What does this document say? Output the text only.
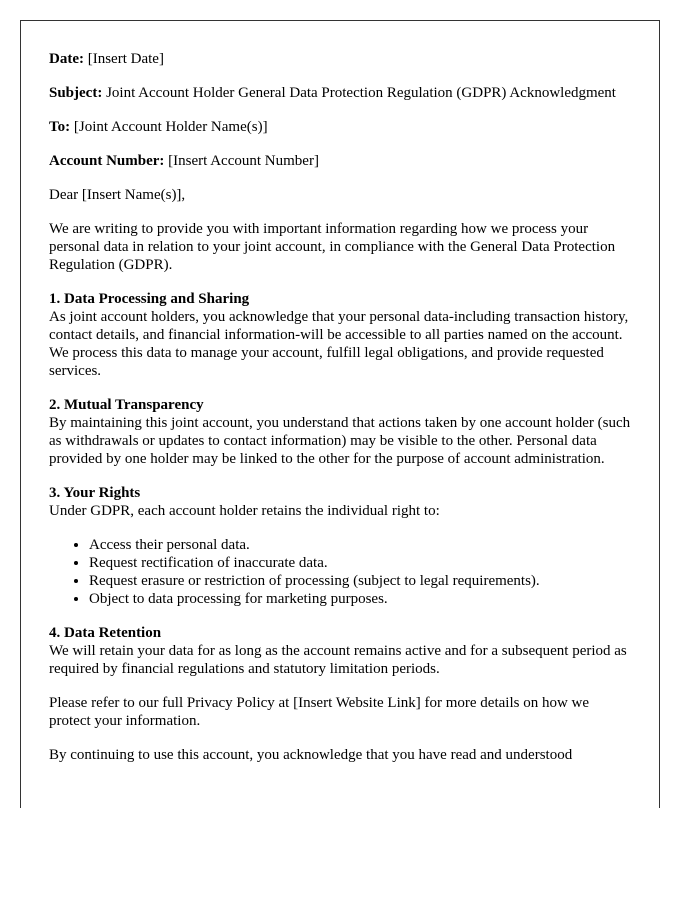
Date: [Insert Date]

Subject: Joint Account Holder General Data Protection Regulation (GDPR) Acknowledgment

To: [Joint Account Holder Name(s)]

Account Number: [Insert Account Number]

Dear [Insert Name(s)],

We are writing to provide you with important information regarding how we process your personal data in relation to your joint account, in compliance with the General Data Protection Regulation (GDPR).

1. Data Processing and Sharing
As joint account holders, you acknowledge that your personal data-including transaction history, contact details, and financial information-will be accessible to all parties named on the account. We process this data to manage your account, fulfill legal obligations, and provide requested services.

2. Mutual Transparency
By maintaining this joint account, you understand that actions taken by one account holder (such as withdrawals or updates to contact information) may be visible to the other. Personal data provided by one holder may be linked to the other for the purpose of account administration.

3. Your Rights
Under GDPR, each account holder retains the individual right to:

• Access their personal data.
• Request rectification of inaccurate data.
• Request erasure or restriction of processing (subject to legal requirements).
• Object to data processing for marketing purposes.

4. Data Retention
We will retain your data for as long as the account remains active and for a subsequent period as required by financial regulations and statutory limitation periods.

Please refer to our full Privacy Policy at [Insert Website Link] for more details on how we protect your information.

By continuing to use this account, you acknowledge that you have read and understood
